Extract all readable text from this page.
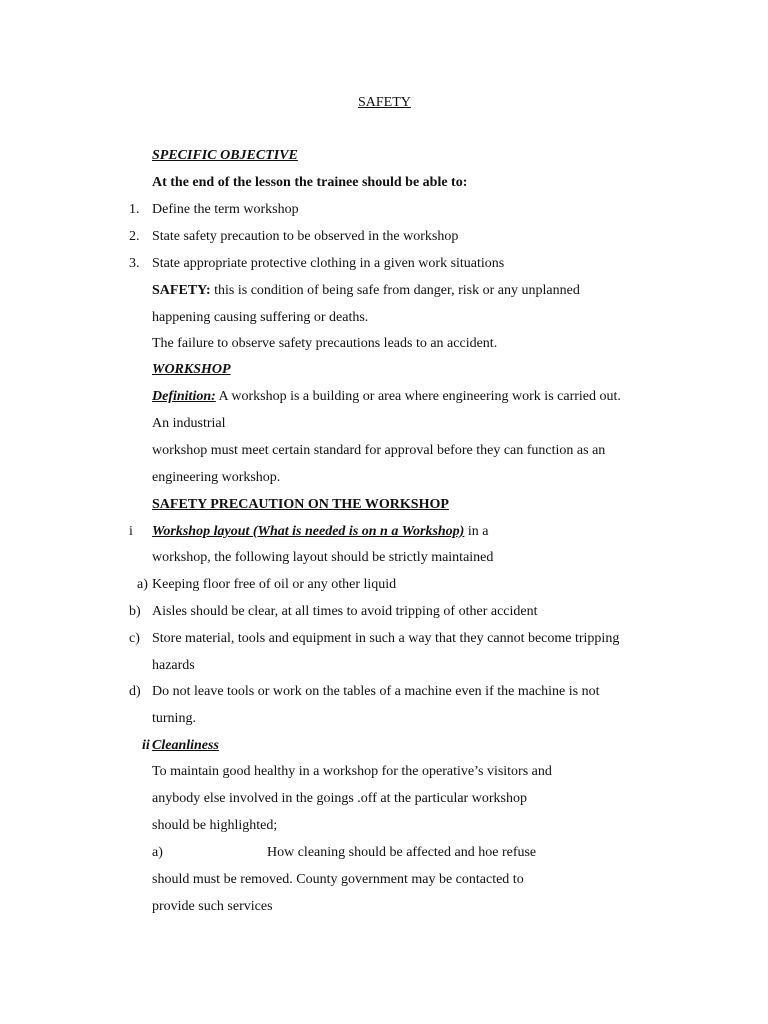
SAFETY
SPECIFIC OBJECTIVE
At the end of the lesson the trainee should be able to:
1. Define the term workshop
2. State safety precaution to be observed in the workshop
3. State appropriate protective clothing in a given work situations
SAFETY: this is condition of being safe from danger, risk or any unplanned
happening causing suffering or deaths.
The failure to observe safety precautions leads to an accident.
WORKSHOP
Definition: A workshop is a building or area where engineering work is carried out.
An industrial
workshop must meet certain standard for approval before they can function as an
engineering workshop.
SAFETY PRECAUTION ON THE WORKSHOP
i Workshop layout (What is needed is on n a Workshop) in a
workshop, the following layout should be strictly maintained
a) Keeping floor free of oil or any other liquid
b) Aisles should be clear, at all times to avoid tripping of other accident
c) Store material, tools and equipment in such a way that they cannot become tripping
hazards
d) Do not leave tools or work on the tables of a machine even if the machine is not
turning.
ii Cleanliness
To maintain good healthy in a workshop for the operative’s visitors and
anybody else involved in the goings .off at the particular workshop
should be highlighted;
a)	How cleaning should be affected and hoe refuse
should must be removed. County government may be contacted to
provide such services
